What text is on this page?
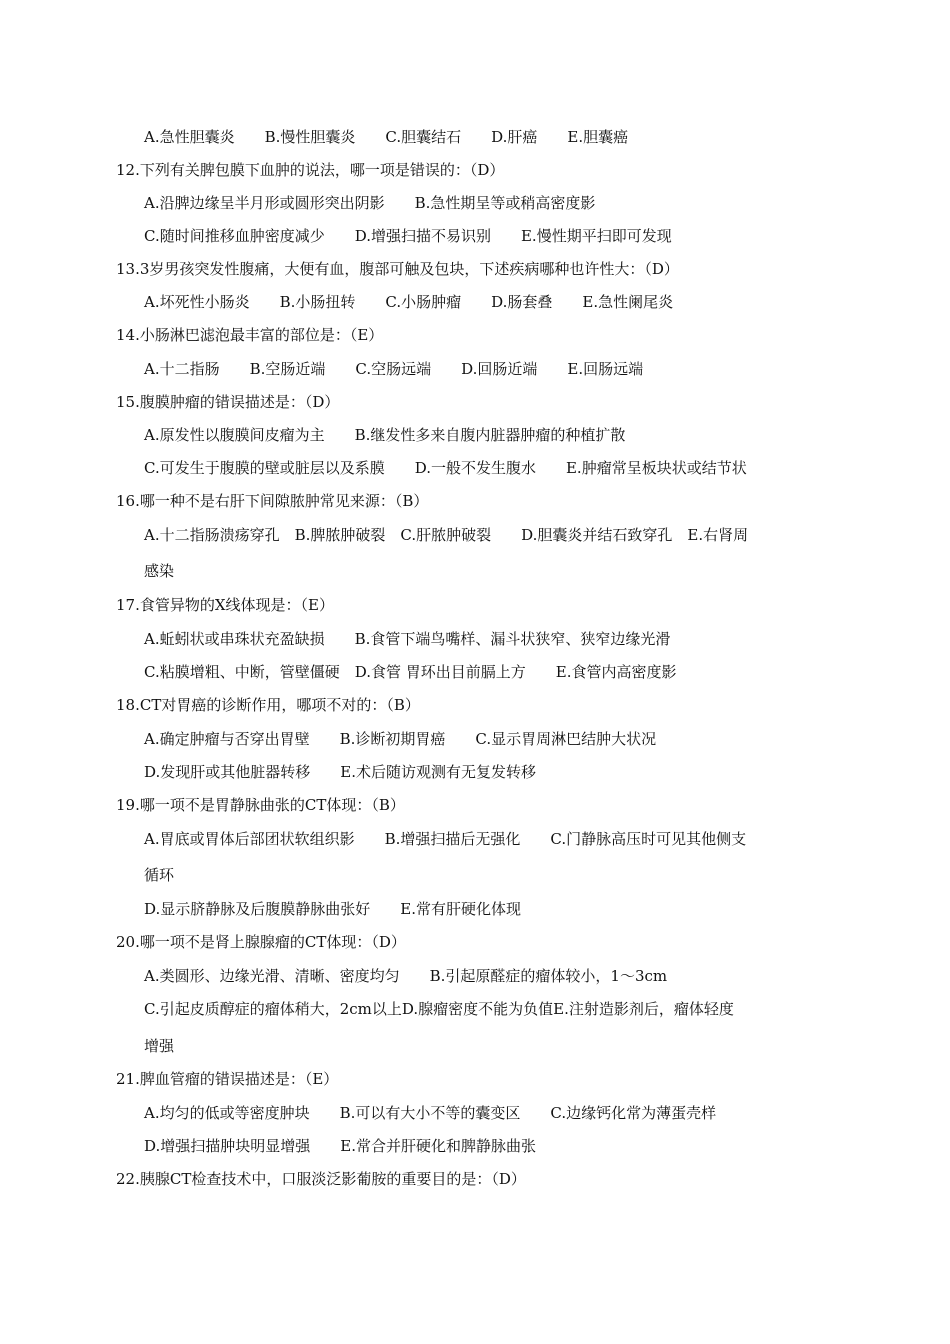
A.急性胆囊炎　　B.慢性胆囊炎　　C.胆囊结石　　D.肝癌　　E.胆囊癌
12.下列有关脾包膜下血肿的说法，哪一项是错误的：（D）
A.沿脾边缘呈半月形或圆形突出阴影　　B.急性期呈等或稍高密度影
C.随时间推移血肿密度减少　　D.增强扫描不易识别　　E.慢性期平扫即可发现
13.3岁男孩突发性腹痛，大便有血，腹部可触及包块，下述疾病哪种也许性大：（D）
A.坏死性小肠炎　　B.小肠扭转　　C.小肠肿瘤　　D.肠套叠　　E.急性阑尾炎
14.小肠淋巴滤泡最丰富的部位是：（E）
A.十二指肠　　B.空肠近端　　C.空肠远端　　D.回肠近端　　E.回肠远端
15.腹膜肿瘤的错误描述是：（D）
A.原发性以腹膜间皮瘤为主　　B.继发性多来自腹内脏器肿瘤的种植扩散
C.可发生于腹膜的壁或脏层以及系膜　　D.一般不发生腹水　　E.肿瘤常呈板块状或结节状
16.哪一种不是右肝下间隙脓肿常见来源：（B）
A.十二指肠溃疡穿孔　B.脾脓肿破裂　C.肝脓肿破裂　　D.胆囊炎并结石致穿孔　E.右肾周
感染
17.食管异物的X线体现是：（E）
A.蚯蚓状或串珠状充盈缺损　　B.食管下端鸟嘴样、漏斗状狭窄、狭窄边缘光滑
C.粘膜增粗、中断，管壁僵硬　D.食管 胃环出目前膈上方　　E.食管内高密度影
18.CT对胃癌的诊断作用，哪项不对的：（B）
A.确定肿瘤与否穿出胃壁　　B.诊断初期胃癌　　C.显示胃周淋巴结肿大状况
D.发现肝或其他脏器转移　　E.术后随访观测有无复发转移
19.哪一项不是胃静脉曲张的CT体现：（B）
A.胃底或胃体后部团状软组织影　　B.增强扫描后无强化　　C.门静脉高压时可见其他侧支
循环
D.显示脐静脉及后腹膜静脉曲张好　　E.常有肝硬化体现
20.哪一项不是肾上腺腺瘤的CT体现：（D）
A.类圆形、边缘光滑、清晰、密度均匀　　B.引起原醛症的瘤体较小，1～3cm
C.引起皮质醇症的瘤体稍大，2cm以上D.腺瘤密度不能为负值E.注射造影剂后，瘤体轻度
增强
21.脾血管瘤的错误描述是：（E）
A.均匀的低或等密度肿块　　B.可以有大小不等的囊变区　　C.边缘钙化常为薄蛋壳样
D.增强扫描肿块明显增强　　E.常合并肝硬化和脾静脉曲张
22.胰腺CT检查技术中，口服淡泛影葡胺的重要目的是：（D）
